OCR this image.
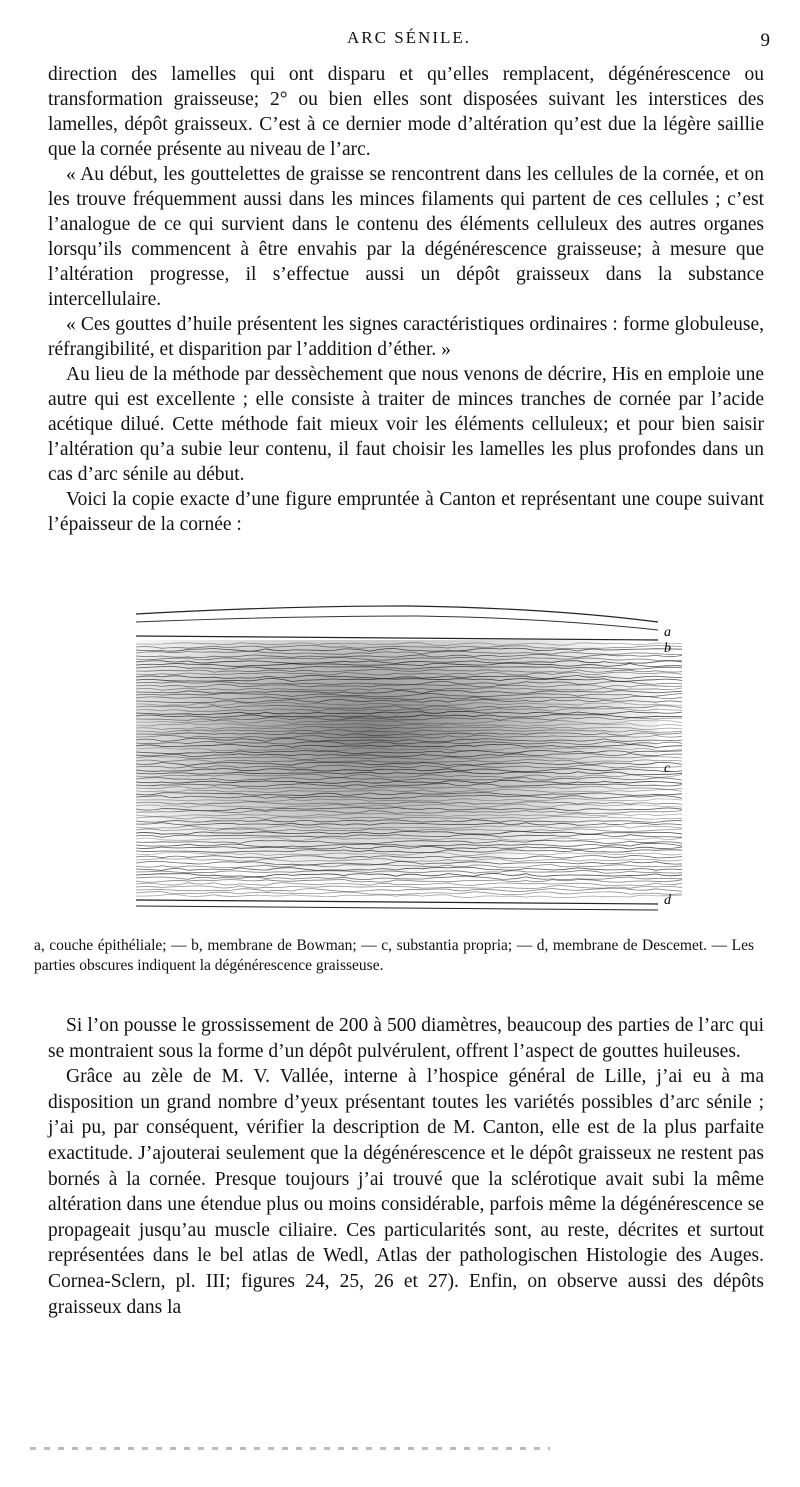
ARC SÉNILE.	9

direction des lamelles qui ont disparu et qu’elles remplacent, dégénérescence ou transformation graisseuse; 2° ou bien elles sont disposées suivant les interstices des lamelles, dépôt graisseux. C’est à ce dernier mode d’altération qu’est due la légère saillie que la cornée présente au niveau de l’arc.

« Au début, les gouttelettes de graisse se rencontrent dans les cellules de la cornée, et on les trouve fréquemment aussi dans les minces filaments qui partent de ces cellules ; c’est l’analogue de ce qui survient dans le contenu des éléments celluleux des autres organes lorsqu’ils commencent à être envahis par la dégénérescence graisseuse; à mesure que l’altération progresse, il s’effectue aussi un dépôt graisseux dans la substance intercellulaire.

« Ces gouttes d’huile présentent les signes caractéristiques ordinaires : forme globuleuse, réfrangibilité, et disparition par l’addition d’éther. »

Au lieu de la méthode par dessèchement que nous venons de décrire, His en emploie une autre qui est excellente ; elle consiste à traiter de minces tranches de cornée par l’acide acétique dilué. Cette méthode fait mieux voir les éléments celluleux; et pour bien saisir l’altération qu’a subie leur contenu, il faut choisir les lamelles les plus profondes dans un cas d’arc sénile au début.

Voici la copie exacte d’une figure empruntée à Canton et représentant une coupe suivant l’épaisseur de la cornée :

a
b
c
d

a, couche épithéliale; — b, membrane de Bowman; — c, substantia propria; — d, membrane de Descemet. — Les parties obscures indiquent la dégénérescence graisseuse.

Si l’on pousse le grossissement de 200 à 500 diamètres, beaucoup des parties de l’arc qui se montraient sous la forme d’un dépôt pulvérulent, offrent l’aspect de gouttes huileuses.

Grâce au zèle de M. V. Vallée, interne à l’hospice général de Lille, j’ai eu à ma disposition un grand nombre d’yeux présentant toutes les variétés possibles d’arc sénile ; j’ai pu, par conséquent, vérifier la description de M. Canton, elle est de la plus parfaite exactitude. J’ajouterai seulement que la dégénérescence et le dépôt graisseux ne restent pas bornés à la cornée. Presque toujours j’ai trouvé que la sclérotique avait subi la même altération dans une étendue plus ou moins considérable, parfois même la dégénérescence se propageait jusqu’au muscle ciliaire. Ces particularités sont, au reste, décrites et surtout représentées dans le bel atlas de Wedl, Atlas der pathologischen Histologie des Auges. Cornea-Sclern, pl. III; figures 24, 25, 26 et 27). Enfin, on observe aussi des dépôts graisseux dans la
